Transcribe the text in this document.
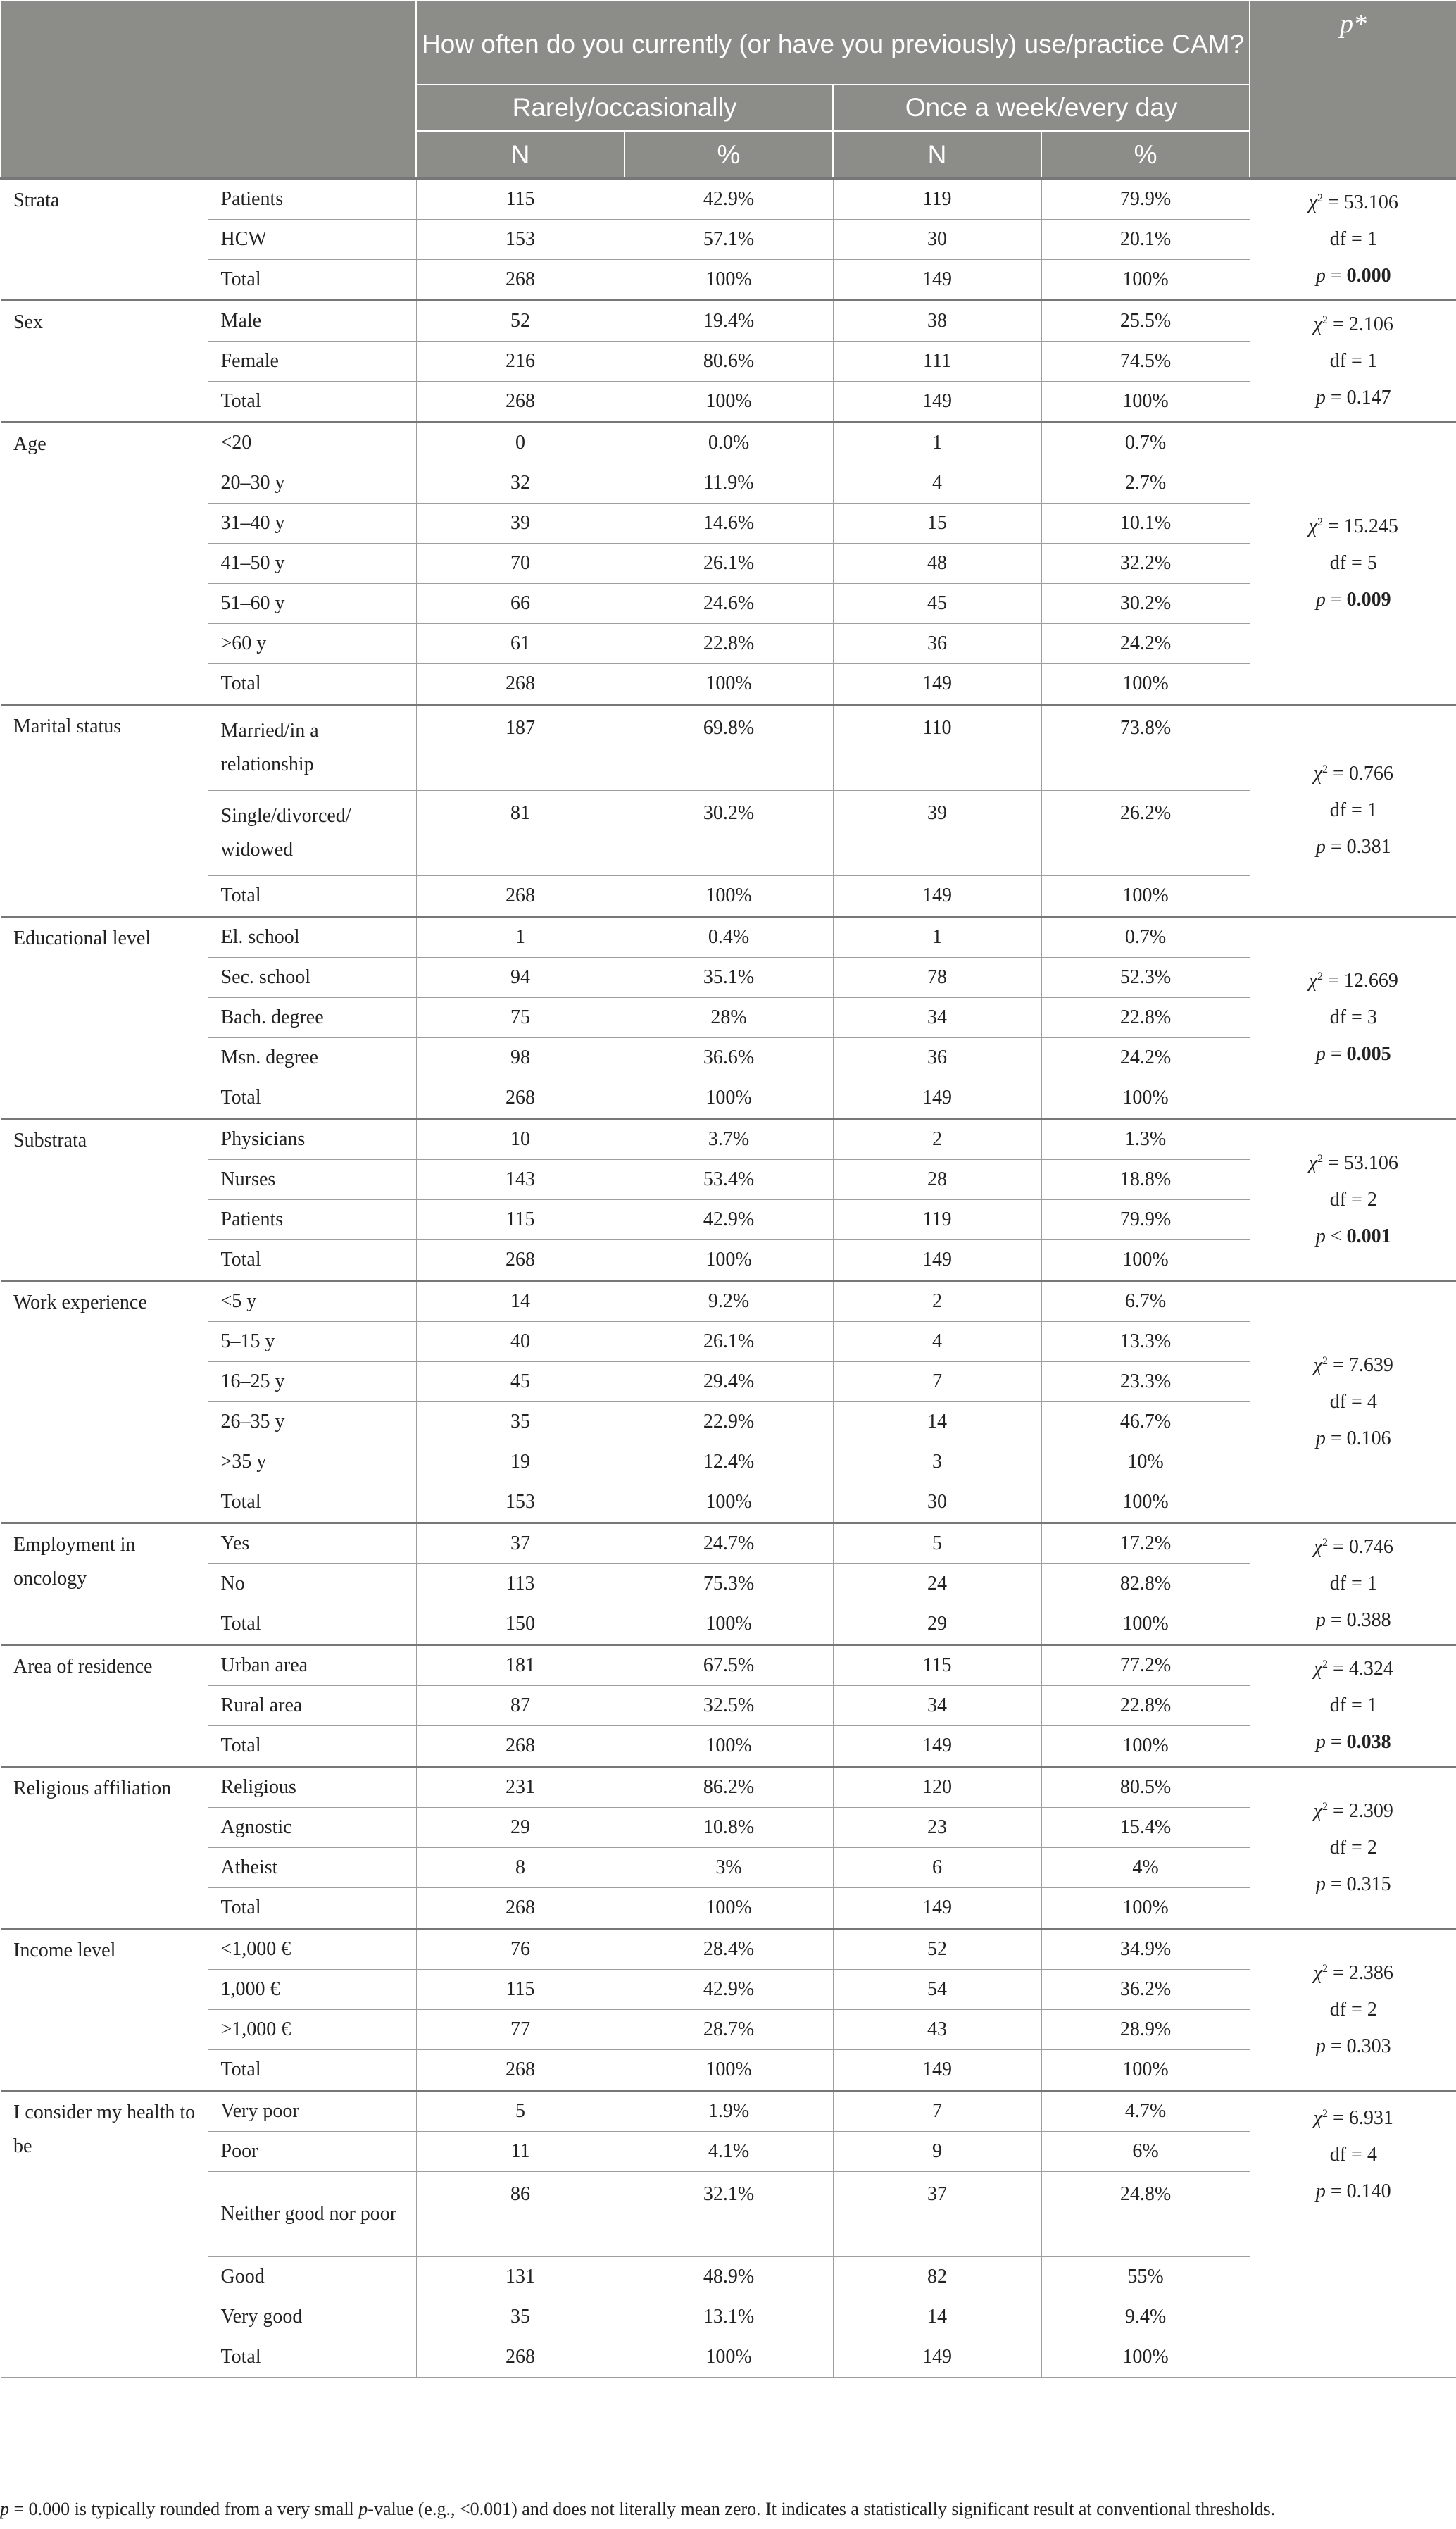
		How often do you currently (or have you previously) use/practice CAM?				p*
		Rarely/occasionally		Once a week/every day		
		N	%	N	%	
Strata	Patients	115	42.9%	119	79.9%	$\chi^2 = 53.106$
df = 1
p = 0.000

	HCW	153	57.1%	30	20.1%	
	Total	268	100%	149	100%	
Sex	Male	52	19.4%	38	25.5%	$\chi^2 = 2.106$
df = 1
p = 0.147

	Female	216	80.6%	111	74.5%	
	Total	268	100%	149	100%	
Age	<20	0	0.0%	1	0.7%	$\chi^2 = 15.245$
df = 5
p = 0.009

	20–30 y	32	11.9%	4	2.7%	
	31–40 y	39	14.6%	15	10.1%	
	41–50 y	70	26.1%	48	32.2%	
	51–60 y	66	24.6%	45	30.2%	
	>60 y	61	22.8%	36	24.2%	
	Total	268	100%	149	100%	
Marital status	Married/in a relationship	187	69.8%	110	73.8%	$\chi^2 = 0.766$
df = 1
p = 0.381

	Single/divorced/ widowed	81	30.2%	39	26.2%	
	Total	268	100%	149	100%	
Educational level	El. school	1	0.4%	1	0.7%	$\chi^2 = 12.669$
df = 3
p = 0.005

	Sec. school	94	35.1%	78	52.3%	
	Bach. degree	75	28%	34	22.8%	
	Msn. degree	98	36.6%	36	24.2%	
	Total	268	100%	149	100%	
Substrata	Physicians	10	3.7%	2	1.3%	$\chi^2 = 53.106$
df = 2
p < 0.001

	Nurses	143	53.4%	28	18.8%	
	Patients	115	42.9%	119	79.9%	
	Total	268	100%	149	100%	
Work experience	<5 y	14	9.2%	2	6.7%	$\chi^2 = 7.639$
df = 4
p = 0.106

	5–15 y	40	26.1%	4	13.3%	
	16–25 y	45	29.4%	7	23.3%	
	26–35 y	35	22.9%	14	46.7%	
	>35 y	19	12.4%	3	10%	
	Total	153	100%	30	100%	
Employment in oncology	Yes	37	24.7%	5	17.2%	$\chi^2 = 0.746$
df = 1
p = 0.388

	No	113	75.3%	24	82.8%	
	Total	150	100%	29	100%	
Area of residence	Urban area	181	67.5%	115	77.2%	$\chi^2 = 4.324$
df = 1
p = 0.038

	Rural area	87	32.5%	34	22.8%	
	Total	268	100%	149	100%	
Religious affiliation	Religious	231	86.2%	120	80.5%	$\chi^2 = 2.309$
df = 2
p = 0.315

	Agnostic	29	10.8%	23	15.4%	
	Atheist	8	3%	6	4%	
	Total	268	100%	149	100%	
Income level	<1,000 €	76	28.4%	52	34.9%	$\chi^2 = 2.386$
df = 2
p = 0.303

	1,000 €	115	42.9%	54	36.2%	
	>1,000 €	77	28.7%	43	28.9%	
	Total	268	100%	149	100%	
I consider my health to be	Very poor	5	1.9%	7	4.7%	$\chi^2 = 6.931$
df = 4
p = 0.140

	Poor	11	4.1%	9	6%	
	Neither good nor poor	86	32.1%	37	24.8%	
	Good	131	48.9%	82	55%	
	Very good	35	13.1%	14	9.4%	
	Total	268	100%	149	100%	
p = 0.000 is typically rounded from a very small p-value (e.g., <0.001) and does not literally mean zero. It indicates a statistically significant result at conventional thresholds.
